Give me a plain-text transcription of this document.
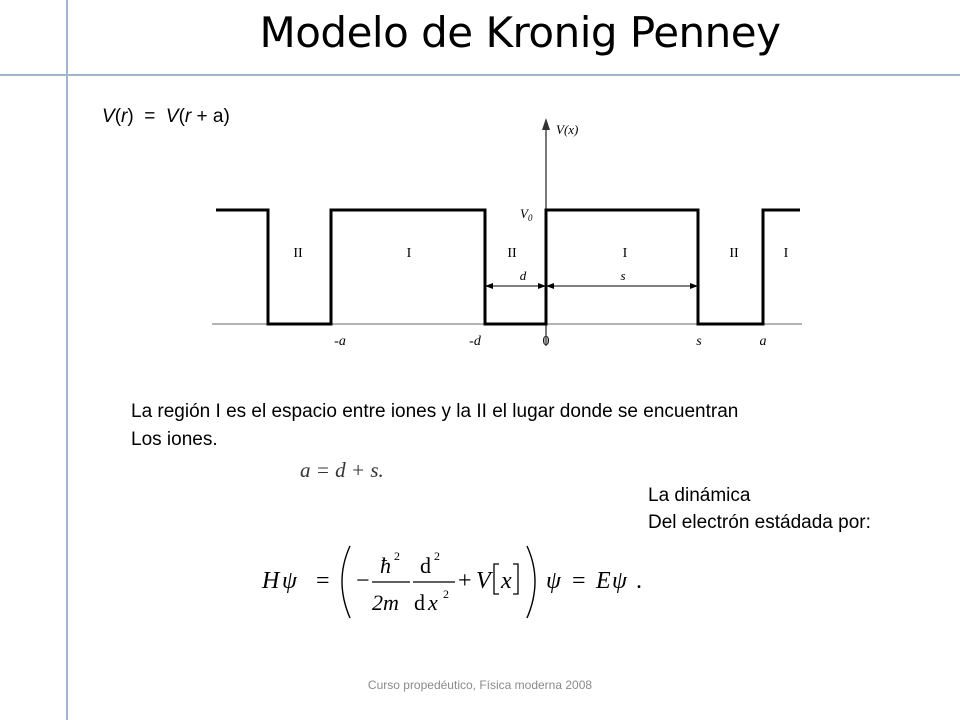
Modelo de Kronig Penney
V(r)  = V(r + a)
V(x)
$V_0$
II	I	II	I	II	I
d	s
-a	-d	0	s	a
La región I es el espacio entre iones y la II el lugar donde se encuentran
Los iones.
a = d + s.
La dinámica
Del electrón estádada por:
H ψ = −
ħ 2
2m
d 2
d x 2 + V x ψ = E ψ .
Curso propedéutico, Física moderna 2008
